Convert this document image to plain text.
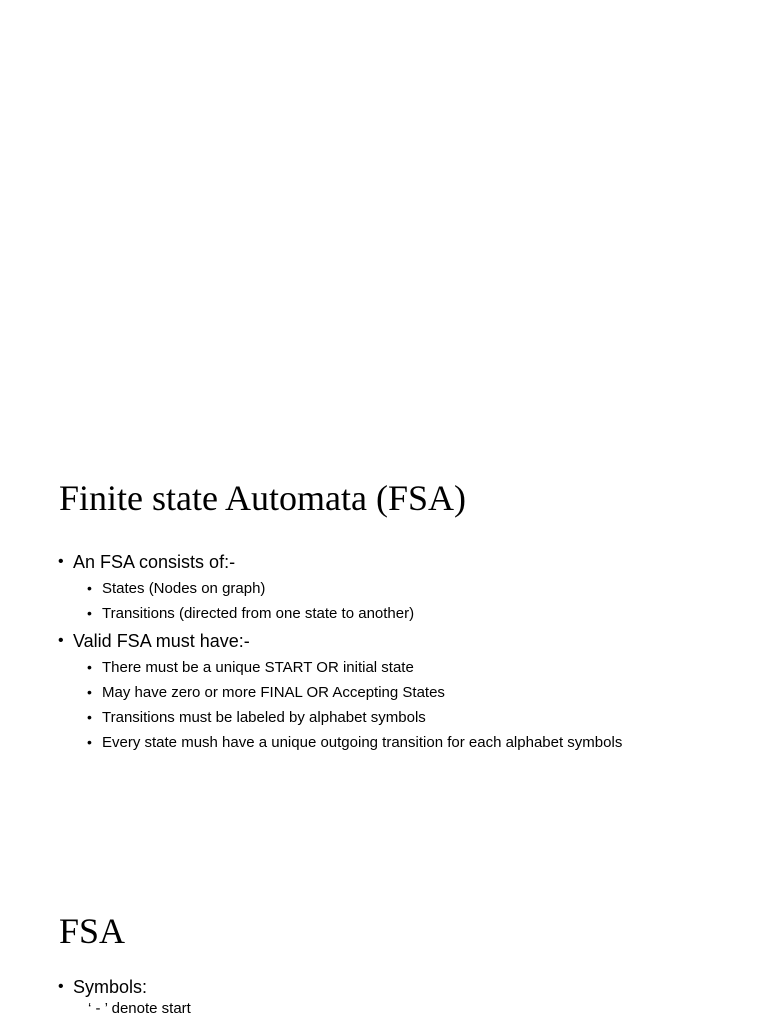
Finite state Automata (FSA)
• An FSA consists of:-
• States (Nodes on graph)
• Transitions (directed from one state to another)
• Valid FSA must have:-
• There must be a unique START OR initial state
• May have zero or more FINAL OR Accepting States
• Transitions must be labeled by alphabet symbols
• Every state mush have a unique outgoing transition for each alphabet symbols
FSA
• Symbols:
‘ - ’ denote start
